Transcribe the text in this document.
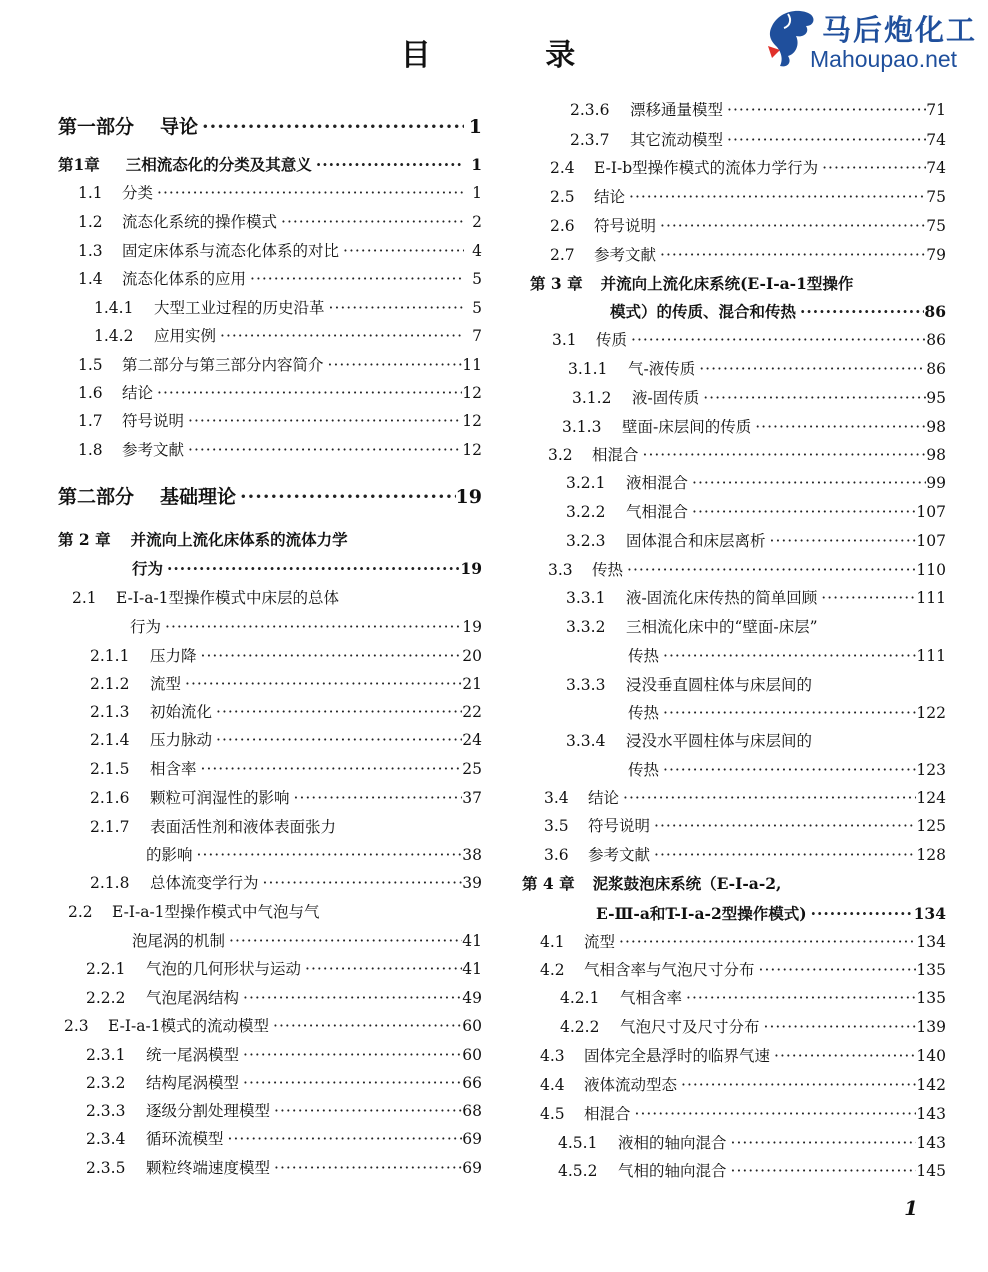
目 录
马后炮化工
Mahoupao.net
第一部分	导论 ·····	1
第1章	三相流态化的分类及其意义 ·····	1
1.1	分类 ·····	1
1.2	流态化系统的操作模式 ·····	2
1.3	固定床体系与流态化体系的对比 ·····	4
1.4	流态化体系的应用 ·····	5
1.4.1	大型工业过程的历史沿革 ·····	5
1.4.2	应用实例 ·····	7
1.5	第二部分与第三部分内容简介 ·····	11
1.6	结论 ·····	12
1.7	符号说明 ·····	12
1.8	参考文献 ·····	12
第二部分	基础理论 ·····	19
第 2 章	并流向上流化床体系的流体力学
行为 ·····	19
2.1	E-I-a-1型操作模式中床层的总体
行为 ·····	19
2.1.1	压力降 ·····	20
2.1.2	流型 ·····	21
2.1.3	初始流化 ·····	22
2.1.4	压力脉动 ·····	24
2.1.5	相含率 ·····	25
2.1.6	颗粒可润湿性的影响 ·····	37
2.1.7	表面活性剂和液体表面张力
的影响 ·····	38
2.1.8	总体流变学行为 ·····	39
2.2	E-I-a-1型操作模式中气泡与气
泡尾涡的机制 ·····	41
2.2.1	气泡的几何形状与运动 ·····	41
2.2.2	气泡尾涡结构 ·····	49
2.3	E-I-a-1模式的流动模型 ·····	60
2.3.1	统一尾涡模型 ·····	60
2.3.2	结构尾涡模型 ·····	66
2.3.3	逐级分割处理模型 ·····	68
2.3.4	循环流模型 ·····	69
2.3.5	颗粒终端速度模型 ·····	69
2.3.6	漂移通量模型 ·····	71
2.3.7	其它流动模型 ·····	74
2.4	E-I-b型操作模式的流体力学行为 ·····	74
2.5	结论 ·····	75
2.6	符号说明 ·····	75
2.7	参考文献 ·····	79
第 3 章	并流向上流化床系统(E-I-a-1型操作
模式）的传质、混合和传热 ·····	86
3.1	传质 ·····	86
3.1.1	气-液传质 ·····	86
3.1.2	液-固传质 ·····	95
3.1.3	壁面-床层间的传质 ·····	98
3.2	相混合 ·····	98
3.2.1	液相混合 ·····	99
3.2.2	气相混合 ·····	107
3.2.3	固体混合和床层离析 ·····	107
3.3	传热 ·····	110
3.3.1	液-固流化床传热的简单回顾 ·····	111
3.3.2	三相流化床中的“壁面-床层”
传热 ·····	111
3.3.3	浸没垂直圆柱体与床层间的
传热 ·····	122
3.3.4	浸没水平圆柱体与床层间的
传热 ·····	123
3.4	结论 ·····	124
3.5	符号说明 ·····	125
3.6	参考文献 ·····	128
第 4 章	泥浆鼓泡床系统（E-I-a-2,
E-Ⅲ-a和T-I-a-2型操作模式) ·····	134
4.1	流型 ·····	134
4.2	气相含率与气泡尺寸分布 ·····	135
4.2.1	气相含率 ·····	135
4.2.2	气泡尺寸及尺寸分布 ·····	139
4.3	固体完全悬浮时的临界气速 ·····	140
4.4	液体流动型态 ·····	142
4.5	相混合 ·····	143
4.5.1	液相的轴向混合 ·····	143
4.5.2	气相的轴向混合 ·····	145
1
